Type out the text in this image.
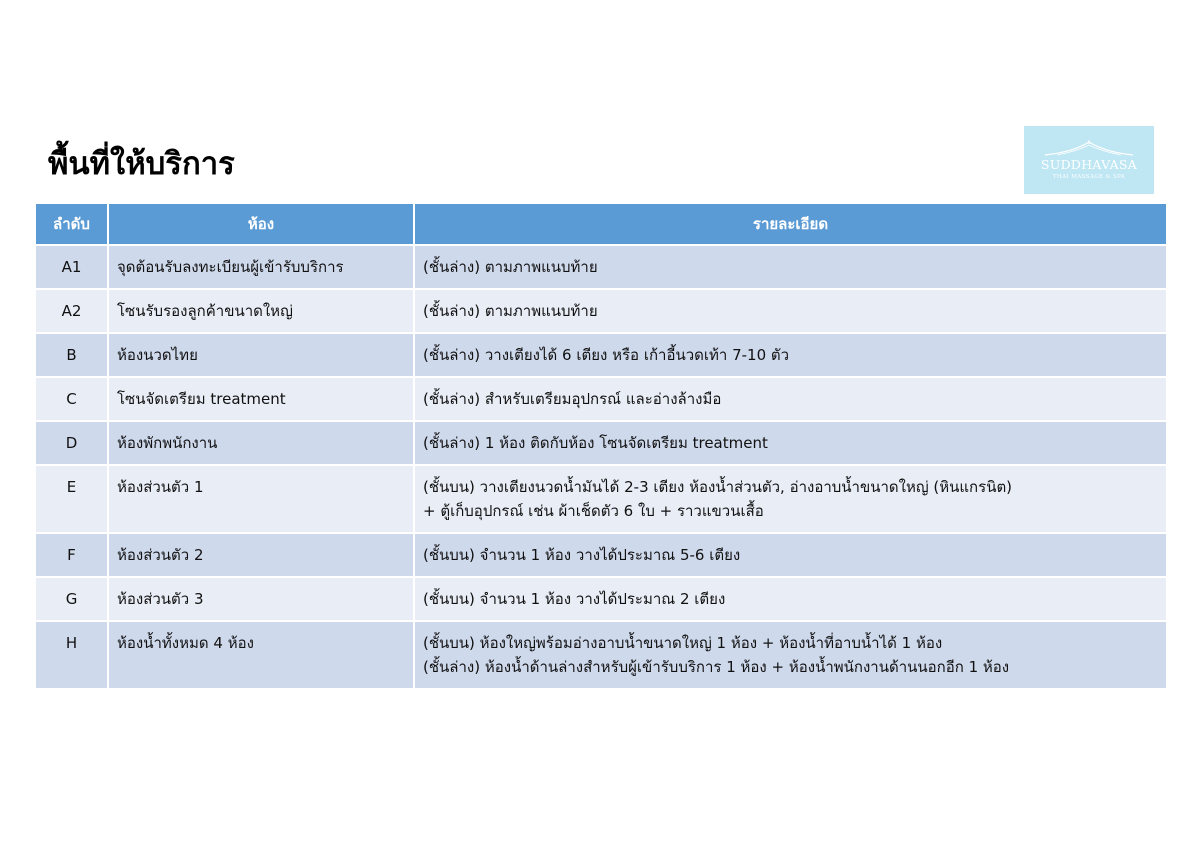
พื้นที่ให้บริการ	SUDDHAVASA
THAI MASSAGE & SPA
ลำดับ	ห้อง	รายละเอียด
A1	จุดต้อนรับลงทะเบียนผู้เข้ารับบริการ	(ชั้นล่าง) ตามภาพแนบท้าย

A2	โซนรับรองลูกค้าขนาดใหญ่	(ชั้นล่าง) ตามภาพแนบท้าย

B	ห้องนวดไทย	(ชั้นล่าง) วางเตียงได้ 6 เตียง หรือ เก้าอี้นวดเท้า 7-10 ตัว

C	โซนจัดเตรียม treatment	(ชั้นล่าง) สำหรับเตรียมอุปกรณ์ และอ่างล้างมือ

D	ห้องพักพนักงาน	(ชั้นล่าง) 1 ห้อง ติดกับห้อง โซนจัดเตรียม treatment

E	ห้องส่วนตัว 1	(ชั้นบน) วางเตียงนวดน้ำมันได้ 2-3 เตียง ห้องน้ำส่วนตัว, อ่างอาบน้ำขนาดใหญ่ (หินแกรนิต)
+ ตู้เก็บอุปกรณ์ เช่น ผ้าเช็ดตัว 6 ใบ + ราวแขวนเสื้อ

F	ห้องส่วนตัว 2	(ชั้นบน) จำนวน 1 ห้อง วางได้ประมาณ 5-6 เตียง

G	ห้องส่วนตัว 3	(ชั้นบน) จำนวน 1 ห้อง วางได้ประมาณ 2 เตียง

H	ห้องน้ำทั้งหมด 4 ห้อง	(ชั้นบน) ห้องใหญ่พร้อมอ่างอาบน้ำขนาดใหญ่ 1 ห้อง + ห้องน้ำที่อาบน้ำได้ 1 ห้อง
(ชั้นล่าง) ห้องน้ำด้านล่างสำหรับผู้เข้ารับบริการ 1 ห้อง + ห้องน้ำพนักงานด้านนอกอีก 1 ห้อง
